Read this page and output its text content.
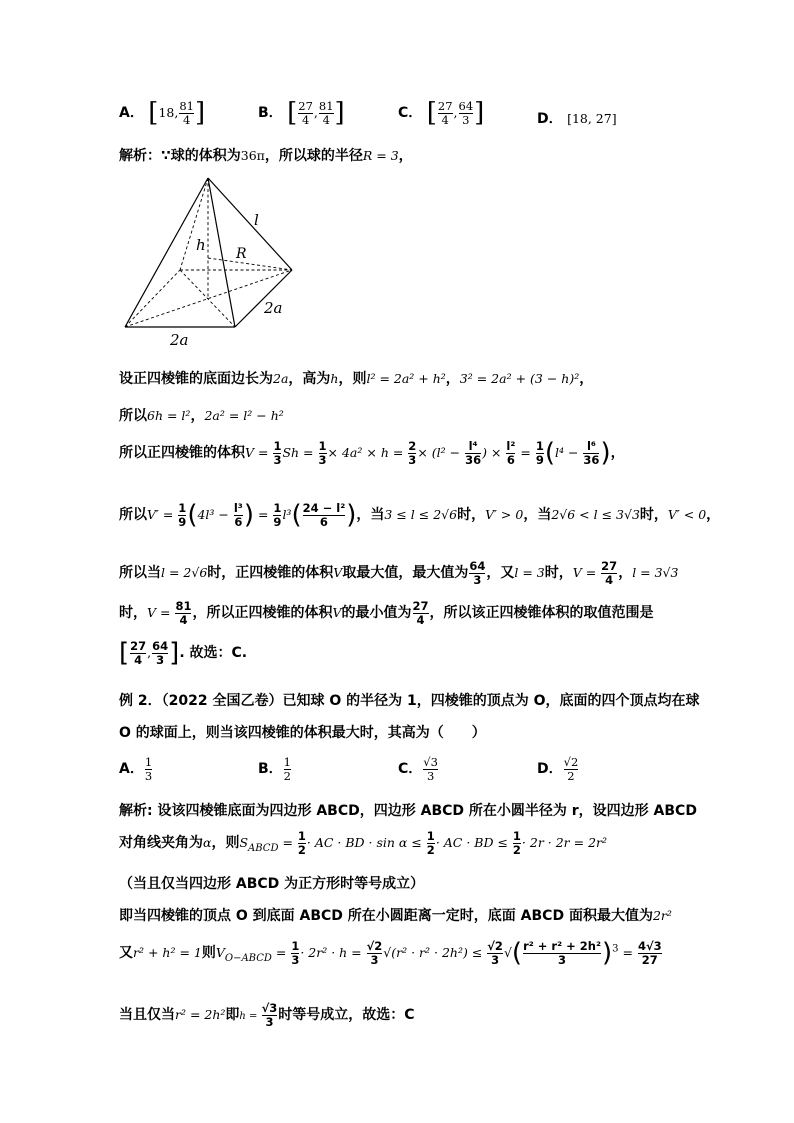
A． [18, $\frac{81}{4}$ ]	B． [ $\frac{27}{4}$ , $\frac{81}{4}$ ]	C． [ $\frac{27}{4}$ , $\frac{64}{3}$ ]	D． [18, 27]
解析：∵球的体积为36π，所以球的半径R = 3，
l
h R
2a
2a
设正四棱锥的底面边长为2a，高为h，则l² = 2a² + h²，3² = 2a² + (3 − h)²，
所以6h = l²，2a² = l² − h²
所以正四棱锥的体积$V = \frac{1}{3}$ $Sh = \frac{1}{3} \times 4a^2 \times h = \frac{2}{3} \times (l^2 - \frac{\text{l⁴}}{36}$ ) × $\frac{\text{l²}}{6} = \frac{1}{9} (l^4 - \frac{\text{l⁶}}{36}$ )，
所以$V' = \frac{1}{9} (4l^3 - \frac{\text{l³}}{6}$ ) = $\frac{1}{9} l^3( \frac{\text{24 − l²}}{6}$ )，当3 ≤ l ≤ 2√6时，V′ > 0，当2√6 < l ≤ 3√3时，V′ < 0，
所以当l = 2√6时，正四棱锥的体积V取最大值，最大值为 $\frac{64}{3}$ ，又l = 3时，$V = \frac{27}{4}$ ，l = 3√3
时，$V = \frac{81}{4}$ ，所以正四棱锥的体积V的最小值为 $\frac{27}{4}$ ，所以该正四棱锥体积的取值范围是
[ $\frac{27}{4}$ , $\frac{64}{3}$ ]. 故选：C.
例 2．（2022 全国乙卷）已知球 O 的半径为 1，四棱锥的顶点为 O，底面的四个顶点均在球
O 的球面上，则当该四棱锥的体积最大时，其高为（　　）
A． $\frac{1}{3}$	B． $\frac{1}{2}$	C． $\frac{√3}{3}$	D． $\frac{√2}{2}$
解析: 设该四棱锥底面为四边形 ABCD，四边形 ABCD 所在小圆半径为 r，设四边形 ABCD
对角线夹角为α，则$S_{ABCD} = \frac{1}{2}$ · AC · BD · $\sin \alpha \le \frac{1}{2}$ · AC · BD ≤ $\frac{1}{2} \cdot 2r \cdot 2r = 2r^2$
（当且仅当四边形 ABCD 为正方形时等号成立）
即当四棱锥的顶点 O 到底面 ABCD 所在小圆距离一定时，底面 ABCD 面积最大值为2r²
又r² + h² = 1则$V_{O-ABCD} = \frac{1}{3} \cdot 2r^2 \cdot h = \frac{√2}{3} √(r^2 \cdot r^2 \cdot 2h^2) \le \frac{√2}{3}$ √( $\frac{\text{r² + r² + 2h²}}{3} )^3 = \frac{4√3}{27}$
当且仅当r² = 2h²即$h = \frac{√3}{3}$ 时等号成立，故选：C
